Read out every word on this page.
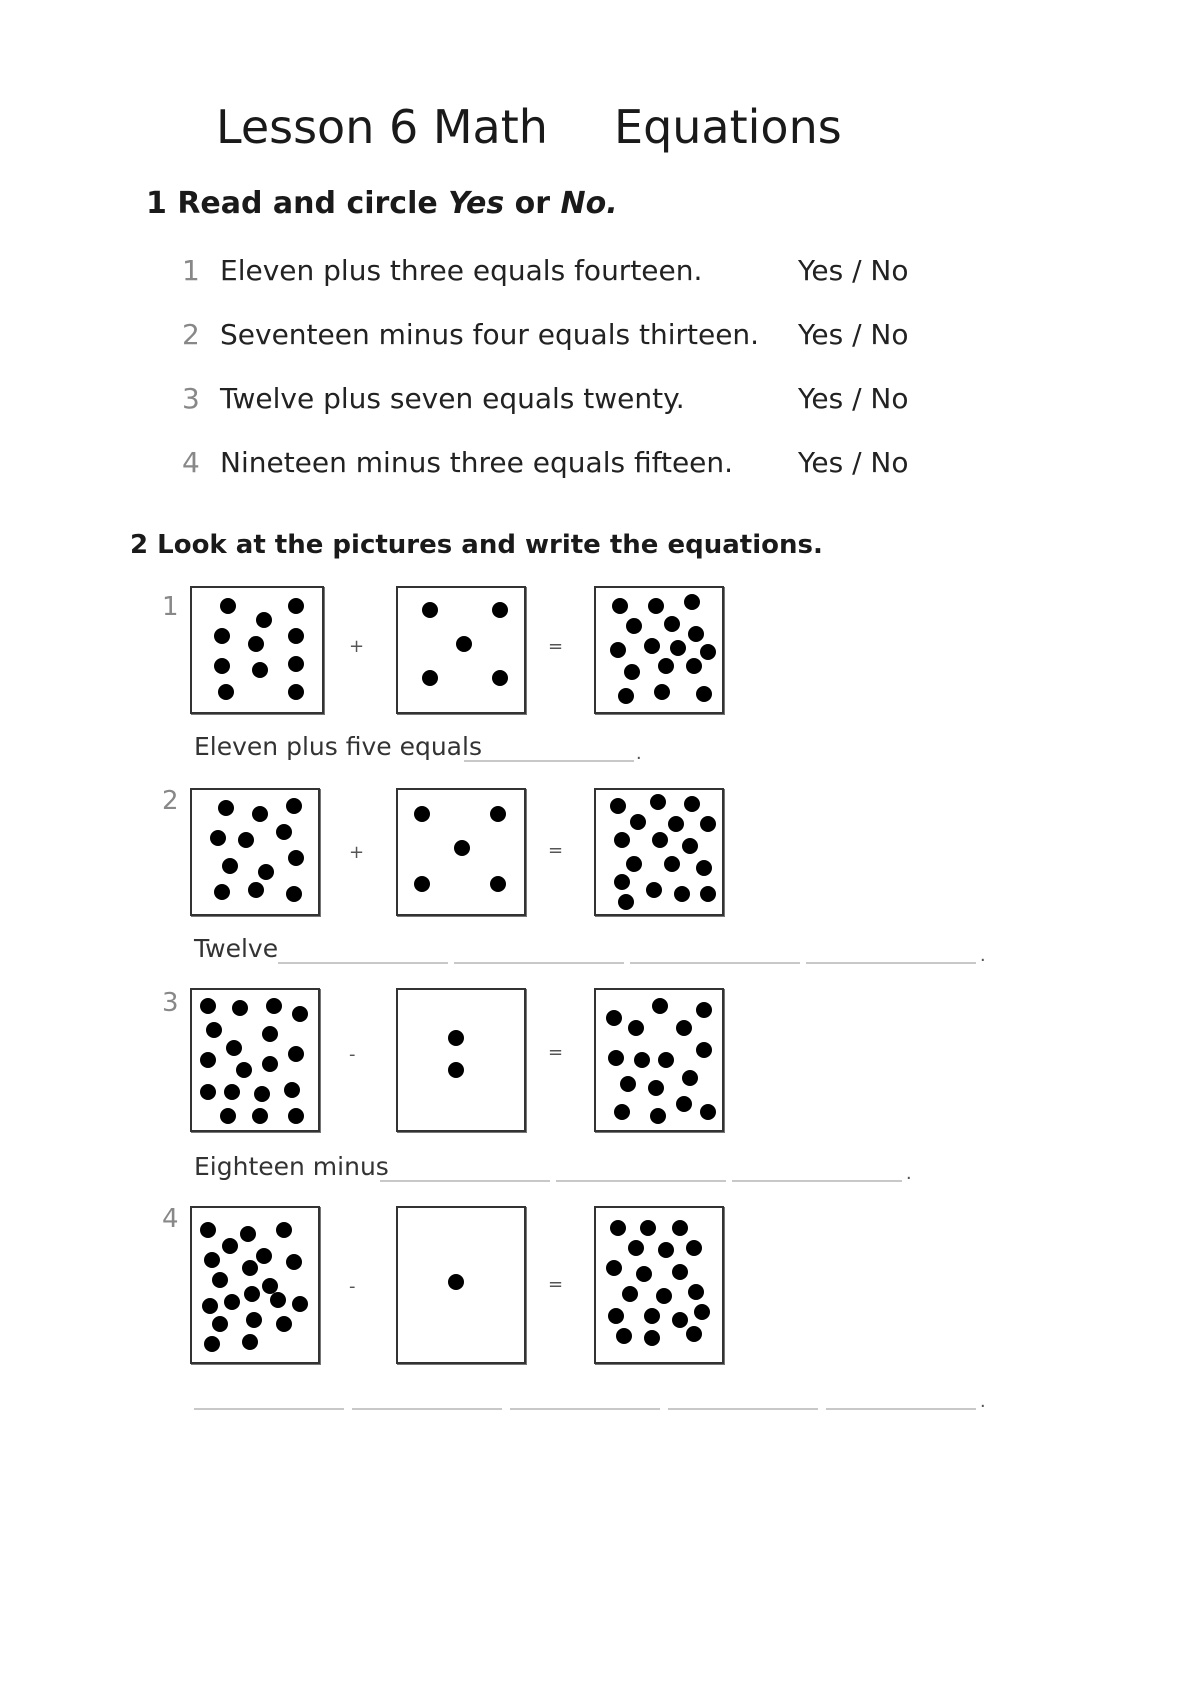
Lesson 6 Math Equations
1 Read and circle Yes or No.
1 Eleven plus three equals fourteen.	Yes / No
2 Seventeen minus four equals thirteen. Yes / No
3 Twelve plus seven equals twenty.	Yes / No
4 Nineteen minus three equals fifteen. Yes / No
2 Look at the pictures and write the equations.
1
+	=
Eleven plus five equals	.
2
+	=
Twelve	.
3
-	=
Eighteen minus	.
4
-	=
.
